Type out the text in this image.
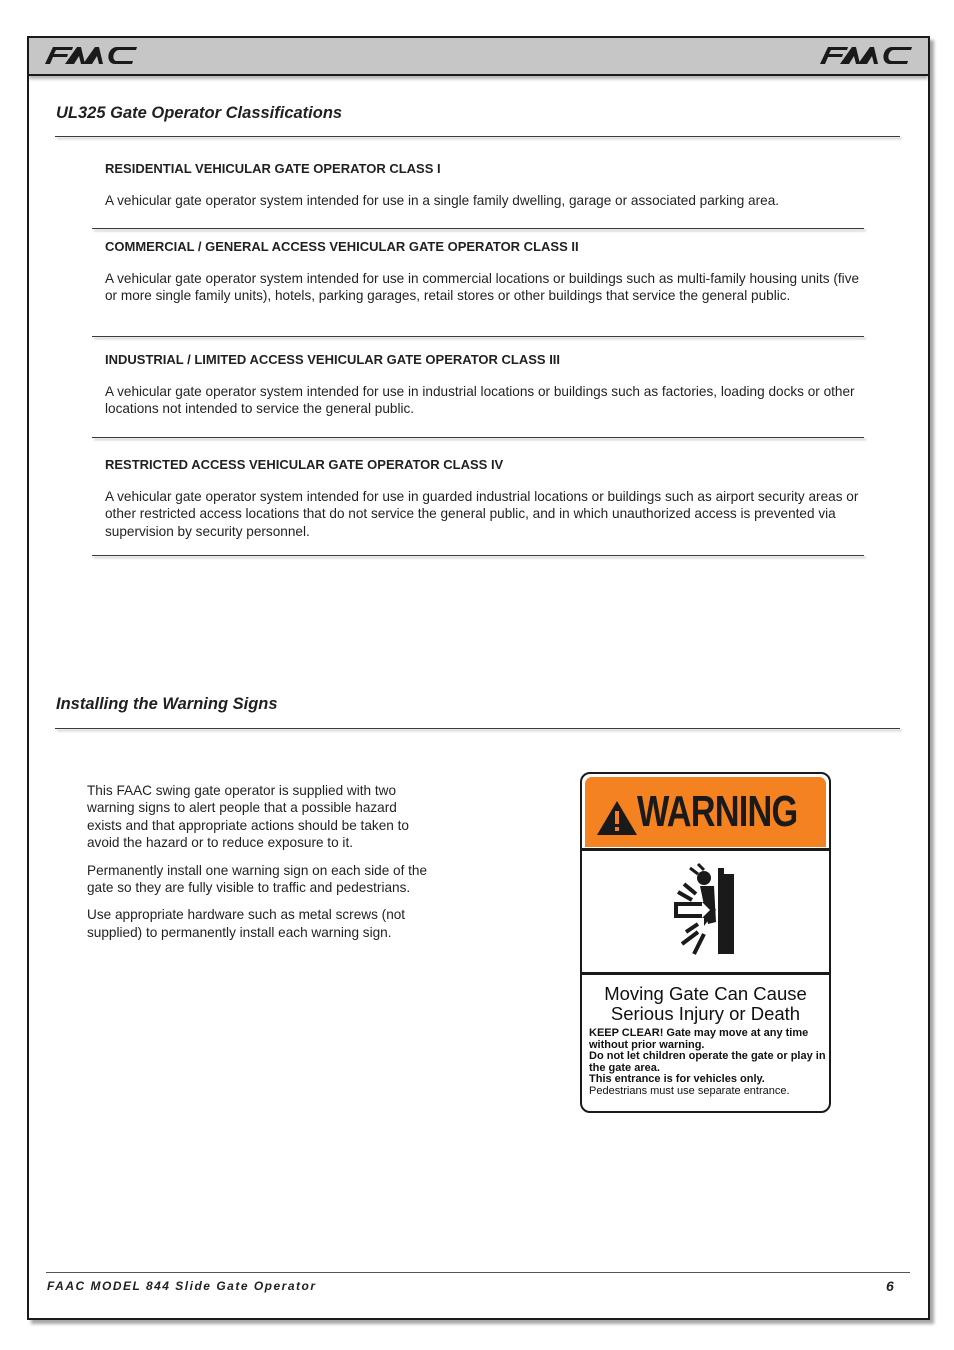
UL325 Gate Operator Classifications
RESIDENTIAL VEHICULAR GATE OPERATOR CLASS I
A vehicular gate operator system intended for use in a single family dwelling, garage or associated parking area.
COMMERCIAL / GENERAL ACCESS VEHICULAR GATE OPERATOR CLASS II
A vehicular gate operator system intended for use in commercial locations or buildings such as multi-family housing units (five or more single family units), hotels, parking garages, retail stores or other buildings that service the general public.
INDUSTRIAL / LIMITED ACCESS VEHICULAR GATE OPERATOR CLASS III
A vehicular gate operator system intended for use in industrial locations or buildings such as factories, loading docks or other locations not intended to service the general public.
RESTRICTED ACCESS VEHICULAR GATE OPERATOR CLASS IV
A vehicular gate operator system intended for use in guarded industrial locations or buildings such as airport security areas or other restricted access locations that do not service the general public, and in which unauthorized access is prevented via supervision by security personnel.
Installing the Warning Signs

This FAAC swing gate operator is supplied with two warning signs to alert people that a possible hazard exists and that appropriate actions should be taken to avoid the hazard or to reduce exposure to it.

Permanently install one warning sign on each side of the gate so they are fully visible to traffic and pedestrians.

Use appropriate hardware such as metal screws (not supplied) to permanently install each warning sign.

WARNING
Moving Gate Can Cause
Serious Injury or Death
KEEP CLEAR! Gate may move at any time without prior warning.
Do not let children operate the gate or play in the gate area.
This entrance is for vehicles only.
Pedestrians must use separate entrance.
FAAC MODEL 844 Slide Gate Operator	6
